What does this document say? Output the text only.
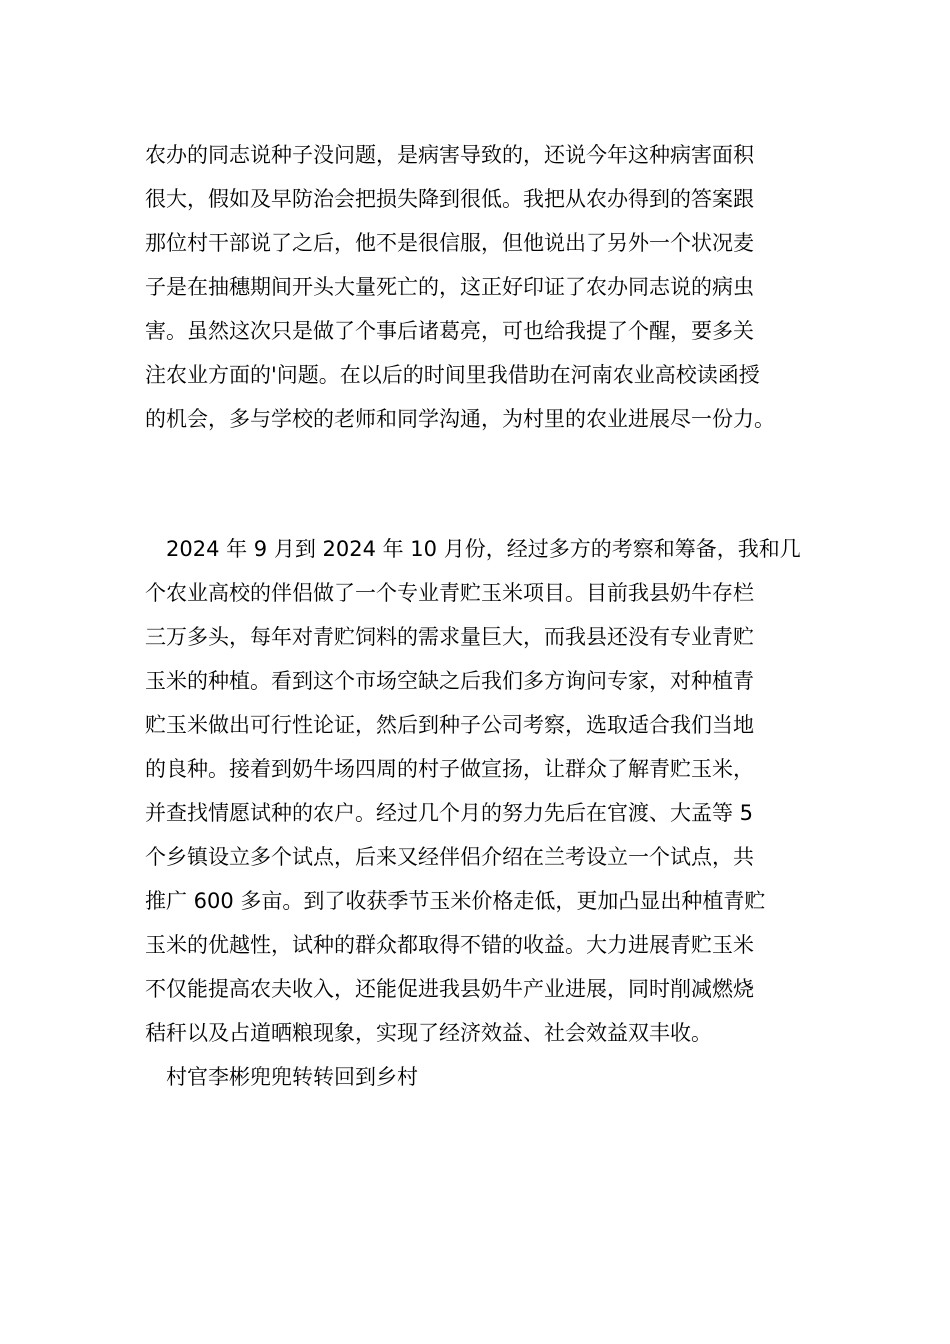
农办的同志说种子没问题，是病害导致的，还说今年这种病害面积

很大，假如及早防治会把损失降到很低。我把从农办得到的答案跟

那位村干部说了之后，他不是很信服，但他说出了另外一个状况麦

子是在抽穗期间开头大量死亡的，这正好印证了农办同志说的病虫

害。虽然这次只是做了个事后诸葛亮，可也给我提了个醒，要多关

注农业方面的'问题。在以后的时间里我借助在河南农业高校读函授

的机会，多与学校的老师和同学沟通，为村里的农业进展尽一份力。

2024 年 9 月到 2024 年 10 月份，经过多方的考察和筹备，我和几

个农业高校的伴侣做了一个专业青贮玉米项目。目前我县奶牛存栏

三万多头，每年对青贮饲料的需求量巨大，而我县还没有专业青贮

玉米的种植。看到这个市场空缺之后我们多方询问专家，对种植青

贮玉米做出可行性论证，然后到种子公司考察，选取适合我们当地

的良种。接着到奶牛场四周的村子做宣扬，让群众了解青贮玉米，

并查找情愿试种的农户。经过几个月的努力先后在官渡、大孟等 5

个乡镇设立多个试点，后来又经伴侣介绍在兰考设立一个试点，共

推广 600 多亩。到了收获季节玉米价格走低，更加凸显出种植青贮

玉米的优越性，试种的群众都取得不错的收益。大力进展青贮玉米

不仅能提高农夫收入，还能促进我县奶牛产业进展，同时削减燃烧

秸秆以及占道晒粮现象，实现了经济效益、社会效益双丰收。

村官李彬兜兜转转回到乡村
